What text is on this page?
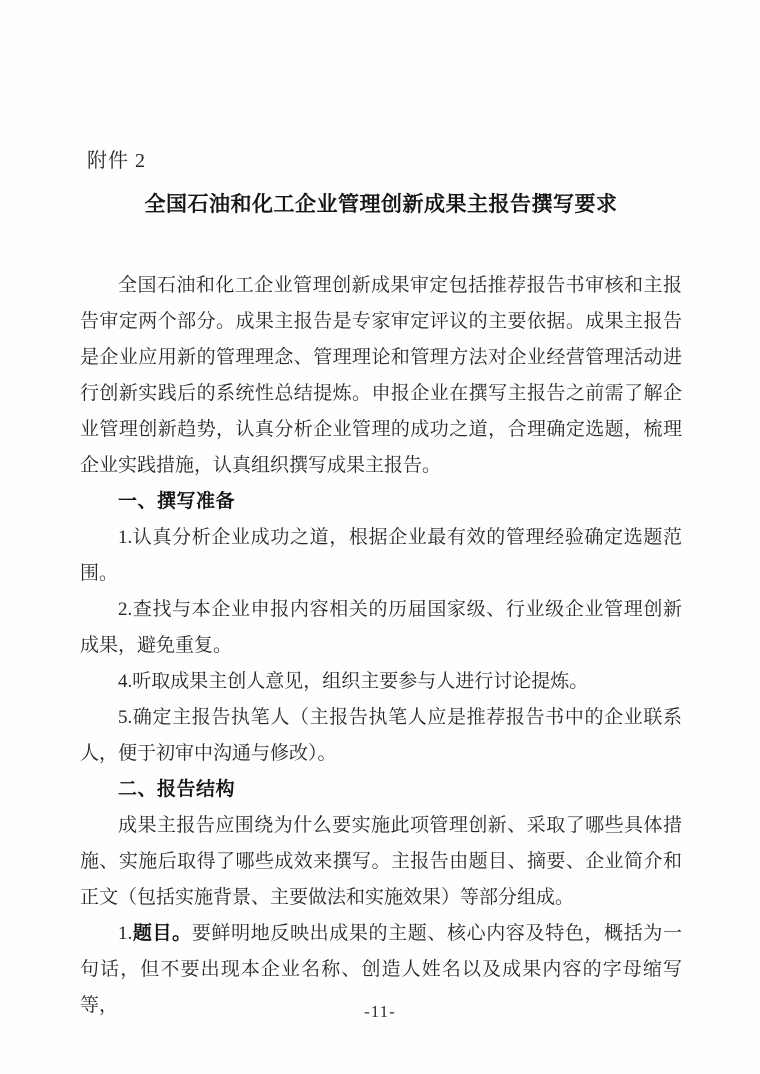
附件 2
全国石油和化工企业管理创新成果主报告撰写要求

全国石油和化工企业管理创新成果审定包括推荐报告书审核和主报告审定两个部分。成果主报告是专家审定评议的主要依据。成果主报告是企业应用新的管理理念、管理理论和管理方法对企业经营管理活动进行创新实践后的系统性总结提炼。申报企业在撰写主报告之前需了解企业管理创新趋势，认真分析企业管理的成功之道，合理确定选题，梳理企业实践措施，认真组织撰写成果主报告。

一、撰写准备

1.认真分析企业成功之道，根据企业最有效的管理经验确定选题范围。

2.查找与本企业申报内容相关的历届国家级、行业级企业管理创新成果，避免重复。

4.听取成果主创人意见，组织主要参与人进行讨论提炼。

5.确定主报告执笔人（主报告执笔人应是推荐报告书中的企业联系人，便于初审中沟通与修改）。

二、报告结构

成果主报告应围绕为什么要实施此项管理创新、采取了哪些具体措施、实施后取得了哪些成效来撰写。主报告由题目、摘要、企业简介和正文（包括实施背景、主要做法和实施效果）等部分组成。

1.题目。要鲜明地反映出成果的主题、核心内容及特色，概括为一句话，但不要出现本企业名称、创造人姓名以及成果内容的字母缩写等，	-11-
